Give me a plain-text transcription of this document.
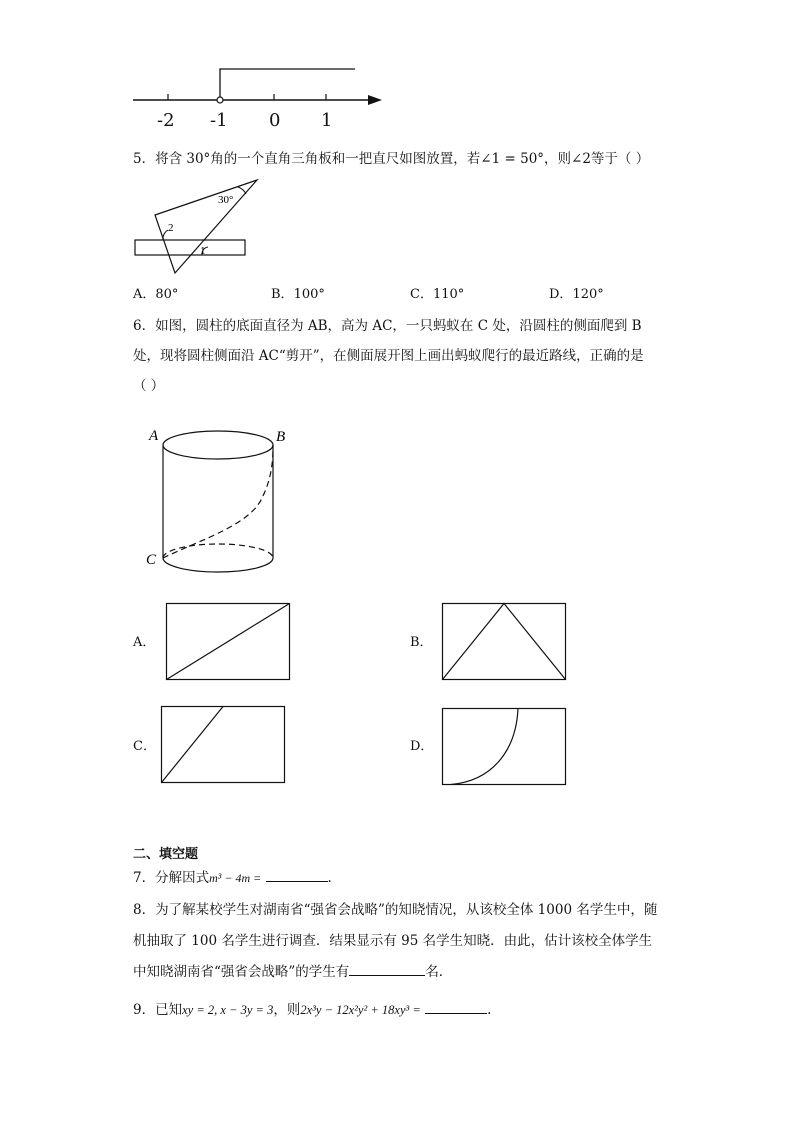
-2 -1 0 1
5．将含 30°角的一个直角三角板和一把直尺如图放置，若∠1 = 50°，则∠2等于（ ）
30°
2
1
A．80°	B．100°	C．110°	D．120°
6．如图，圆柱的底面直径为 AB，高为 AC，一只蚂蚁在 C 处，沿圆柱的侧面爬到 B
处，现将圆柱侧面沿 AC“剪开”，在侧面展开图上画出蚂蚁爬行的最近路线，正确的是
（ ）
A	B
C
A．	B．
C．	D．
二、填空题
7．分解因式m³ − 4m =	.
8．为了解某校学生对湖南省“强省会战略”的知晓情况，从该校全体 1000 名学生中，随
机抽取了 100 名学生进行调查．结果显示有 95 名学生知晓．由此，估计该校全体学生
中知晓湖南省“强省会战略”的学生有	名．
9．已知xy = 2, x − 3y = 3，则2x³y − 12x²y² + 18xy³ =	.
